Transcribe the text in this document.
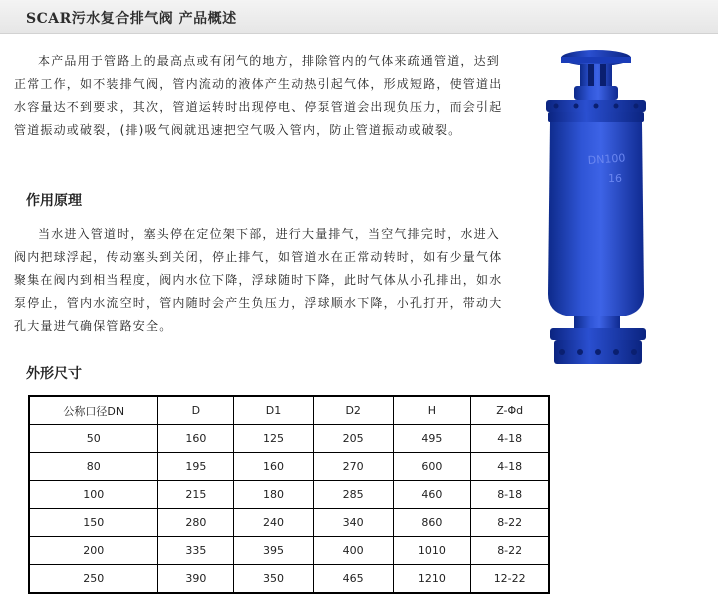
SCAR污水复合排气阀 产品概述

本产品用于管路上的最高点或有闭气的地方，排除管内的气体来疏通管道，达到正常工作，如不装排气阀，管内流动的液体产生动热引起气体，形成短路，使管道出水容量达不到要求，其次，管道运转时出现停电、停泵管道会出现负压力，而会引起管道振动或破裂，(排)吸气阀就迅速把空气吸入管内，防止管道振动或破裂。

作用原理

当水进入管道时，塞头停在定位架下部，进行大量排气，当空气排完时，水进入阀内把球浮起，传动塞头到关闭，停止排气，如管道水在正常动转时，如有少量气体聚集在阀内到相当程度，阀内水位下降，浮球随时下降，此时气体从小孔排出，如水泵停止，管内水流空时，管内随时会产生负压力，浮球顺水下降，小孔打开，带动大孔大量进气确保管路安全。

外形尺寸
DN100
16
公称口径DN	D	D1	D2	H	Z-Φd
50	160	125	205	495	4-18
80	195	160	270	600	4-18
100	215	180	285	460	8-18
150	280	240	340	860	8-22
200	335	395	400	1010	8-22
250	390	350	465	1210	12-22
